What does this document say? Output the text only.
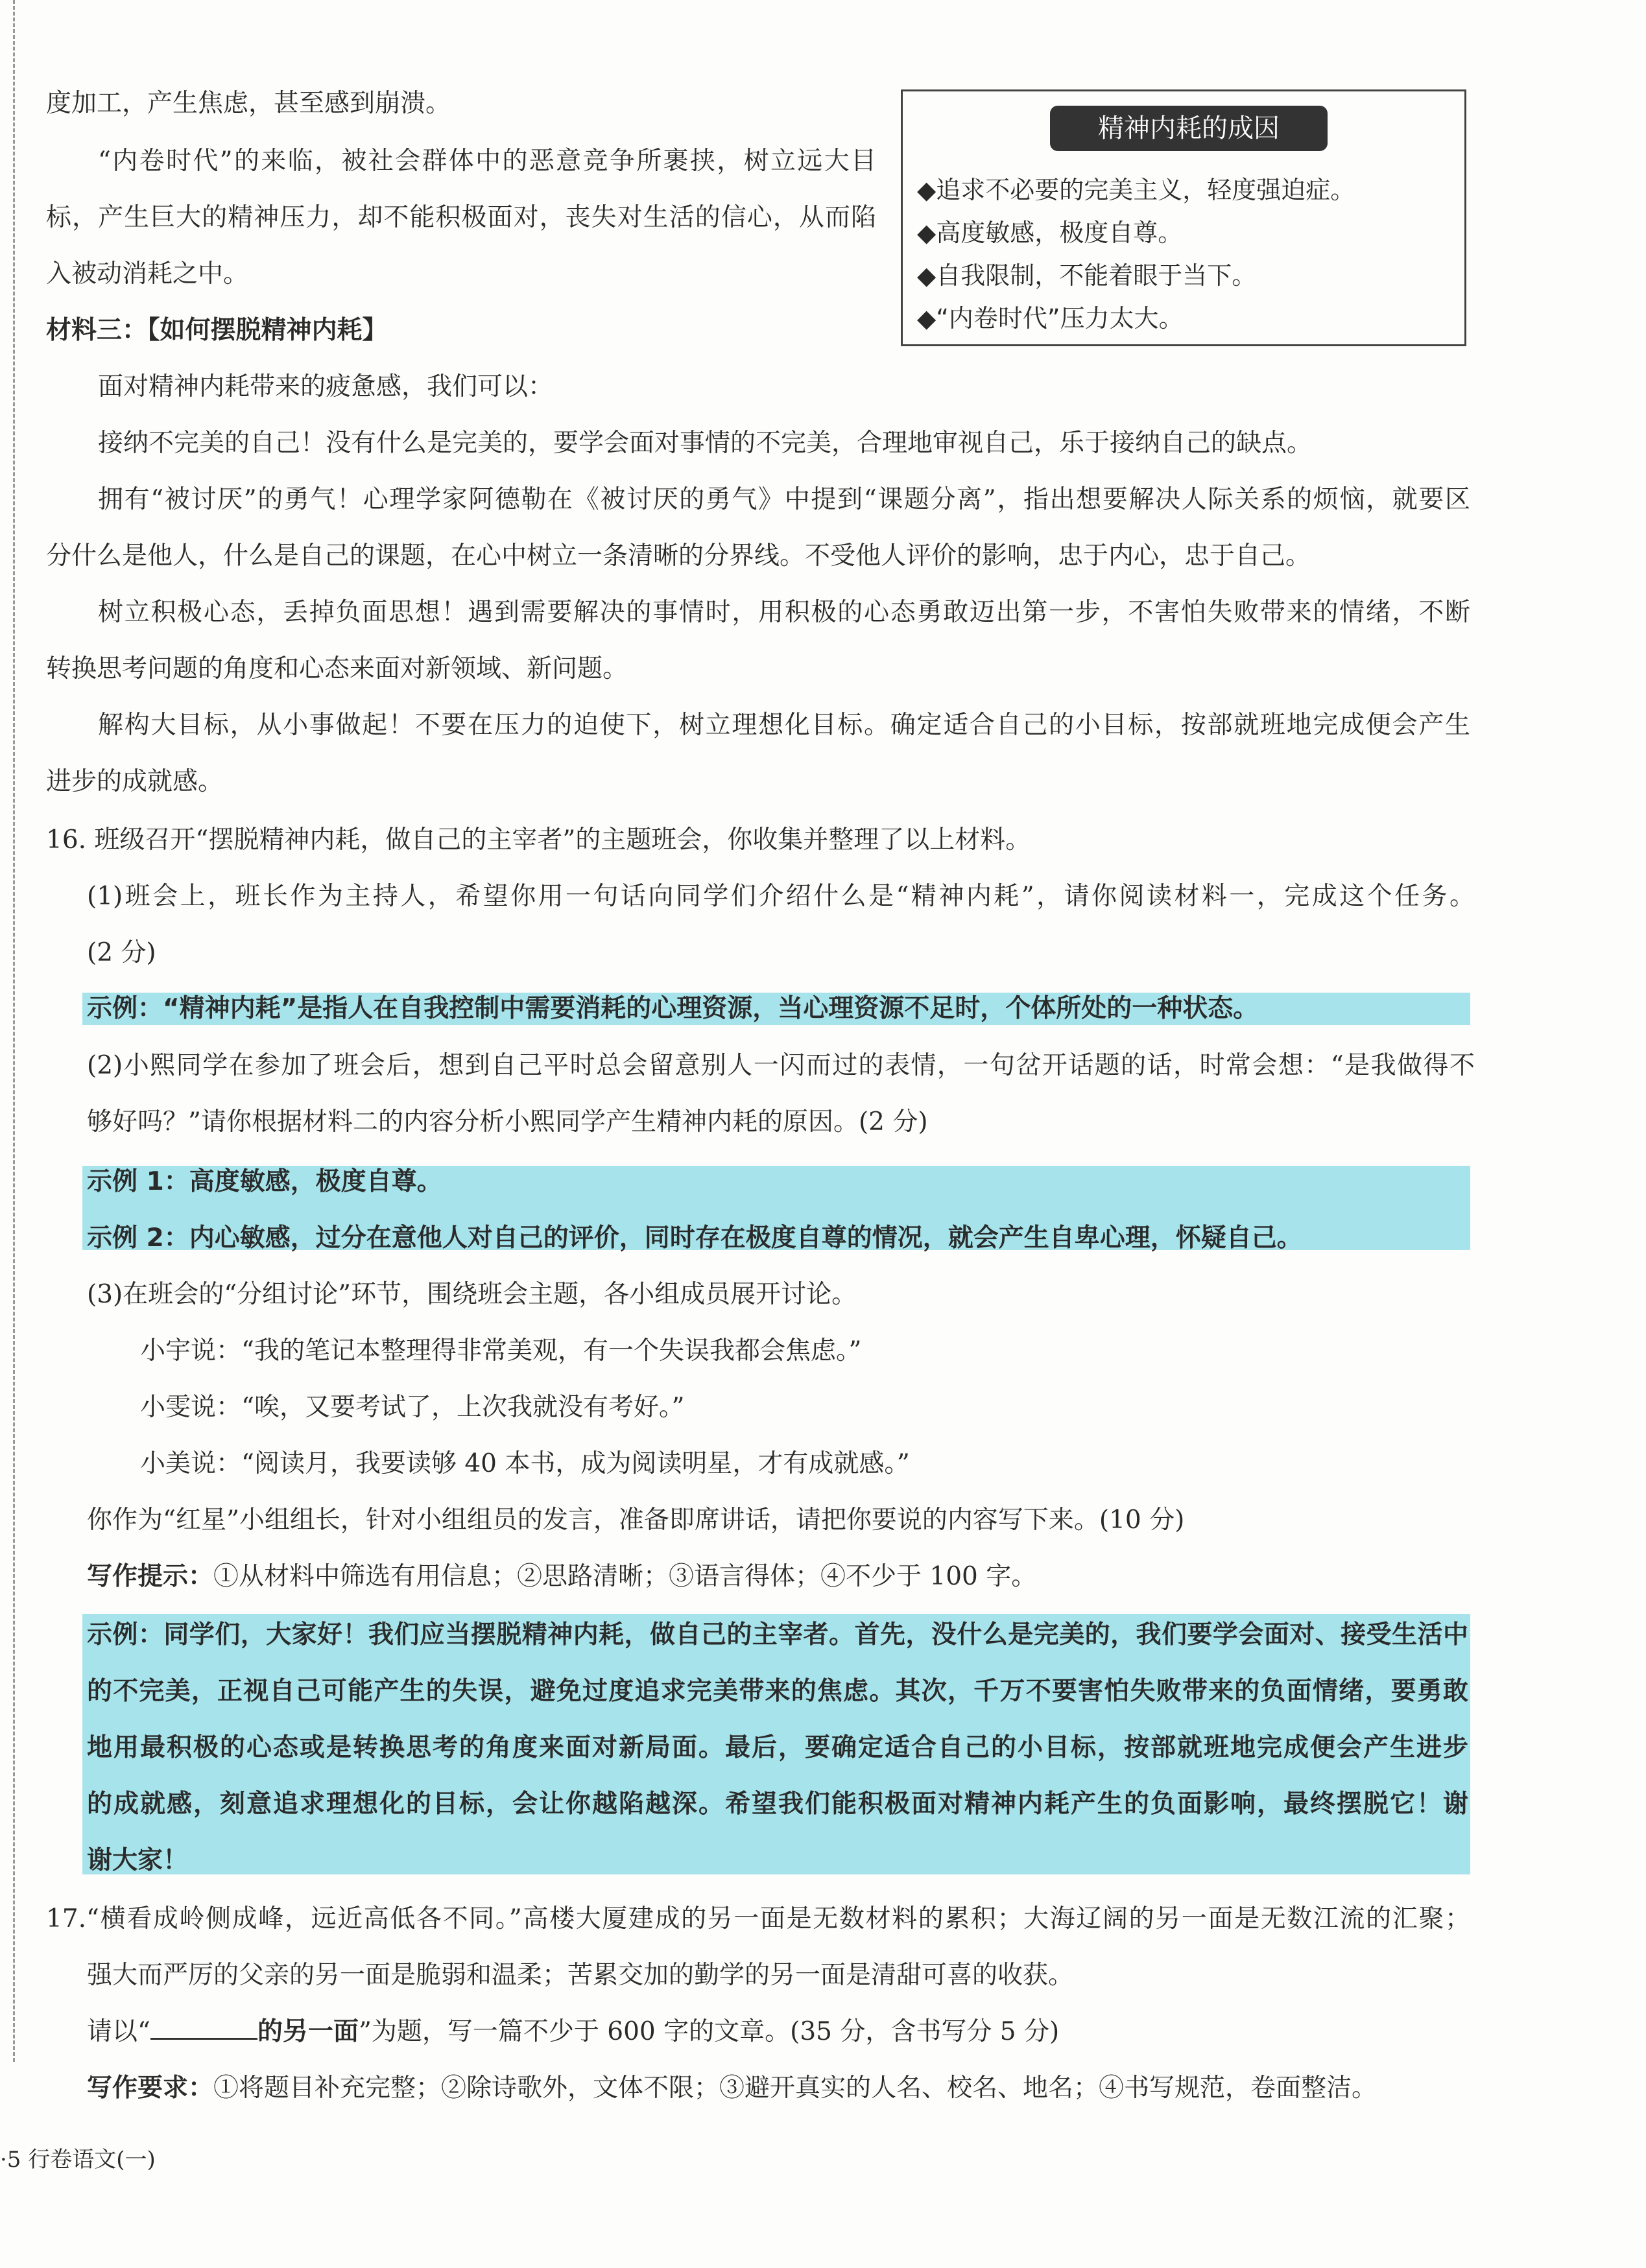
度加工，产生焦虑，甚至感到崩溃。
“内卷时代”的来临，被社会群体中的恶意竞争所裹挟，树立远大目
标，产生巨大的精神压力，却不能积极面对，丧失对生活的信心，从而陷
入被动消耗之中。
精神内耗的成因
◆追求不必要的完美主义，轻度强迫症。
◆高度敏感，极度自尊。
◆自我限制，不能着眼于当下。
◆“内卷时代”压力太大。
材料三：【如何摆脱精神内耗】
面对精神内耗带来的疲惫感，我们可以：
接纳不完美的自己！没有什么是完美的，要学会面对事情的不完美，合理地审视自己，乐于接纳自己的缺点。
拥有“被讨厌”的勇气！心理学家阿德勒在《被讨厌的勇气》中提到“课题分离”，指出想要解决人际关系的烦恼，就要区
分什么是他人，什么是自己的课题，在心中树立一条清晰的分界线。不受他人评价的影响，忠于内心，忠于自己。
树立积极心态，丢掉负面思想！遇到需要解决的事情时，用积极的心态勇敢迈出第一步，不害怕失败带来的情绪，不断
转换思考问题的角度和心态来面对新领域、新问题。
解构大目标，从小事做起！不要在压力的迫使下，树立理想化目标。确定适合自己的小目标，按部就班地完成便会产生
进步的成就感。
16. 班级召开“摆脱精神内耗，做自己的主宰者”的主题班会，你收集并整理了以上材料。
(1)班会上，班长作为主持人，希望你用一句话向同学们介绍什么是“精神内耗”，请你阅读材料一，完成这个任务。
(2 分)
示例：“精神内耗”是指人在自我控制中需要消耗的心理资源，当心理资源不足时，个体所处的一种状态。
(2)小熙同学在参加了班会后，想到自己平时总会留意别人一闪而过的表情，一句岔开话题的话，时常会想：“是我做得不
够好吗？”请你根据材料二的内容分析小熙同学产生精神内耗的原因。(2 分)
示例 1：高度敏感，极度自尊。
示例 2：内心敏感，过分在意他人对自己的评价，同时存在极度自尊的情况，就会产生自卑心理，怀疑自己。
(3)在班会的“分组讨论”环节，围绕班会主题，各小组成员展开讨论。
小宇说：“我的笔记本整理得非常美观，有一个失误我都会焦虑。”
小雯说：“唉，又要考试了，上次我就没有考好。”
小美说：“阅读月，我要读够 40 本书，成为阅读明星，才有成就感。”
你作为“红星”小组组长，针对小组组员的发言，准备即席讲话，请把你要说的内容写下来。(10 分)
写作提示：①从材料中筛选有用信息；②思路清晰；③语言得体；④不少于 100 字。
示例：同学们，大家好！我们应当摆脱精神内耗，做自己的主宰者。首先，没什么是完美的，我们要学会面对、接受生活中
的不完美，正视自己可能产生的失误，避免过度追求完美带来的焦虑。其次，千万不要害怕失败带来的负面情绪，要勇敢
地用最积极的心态或是转换思考的角度来面对新局面。最后，要确定适合自己的小目标，按部就班地完成便会产生进步
的成就感，刻意追求理想化的目标，会让你越陷越深。希望我们能积极面对精神内耗产生的负面影响，最终摆脱它！谢
谢大家！
17.“横看成岭侧成峰，远近高低各不同。”高楼大厦建成的另一面是无数材料的累积；大海辽阔的另一面是无数江流的汇聚；
强大而严厉的父亲的另一面是脆弱和温柔；苦累交加的勤学的另一面是清甜可喜的收获。
请以“	的另一面”为题，写一篇不少于 600 字的文章。(35 分，含书写分 5 分)
写作要求：①将题目补充完整；②除诗歌外，文体不限；③避开真实的人名、校名、地名；④书写规范，卷面整洁。
·5 行卷语文(一)
